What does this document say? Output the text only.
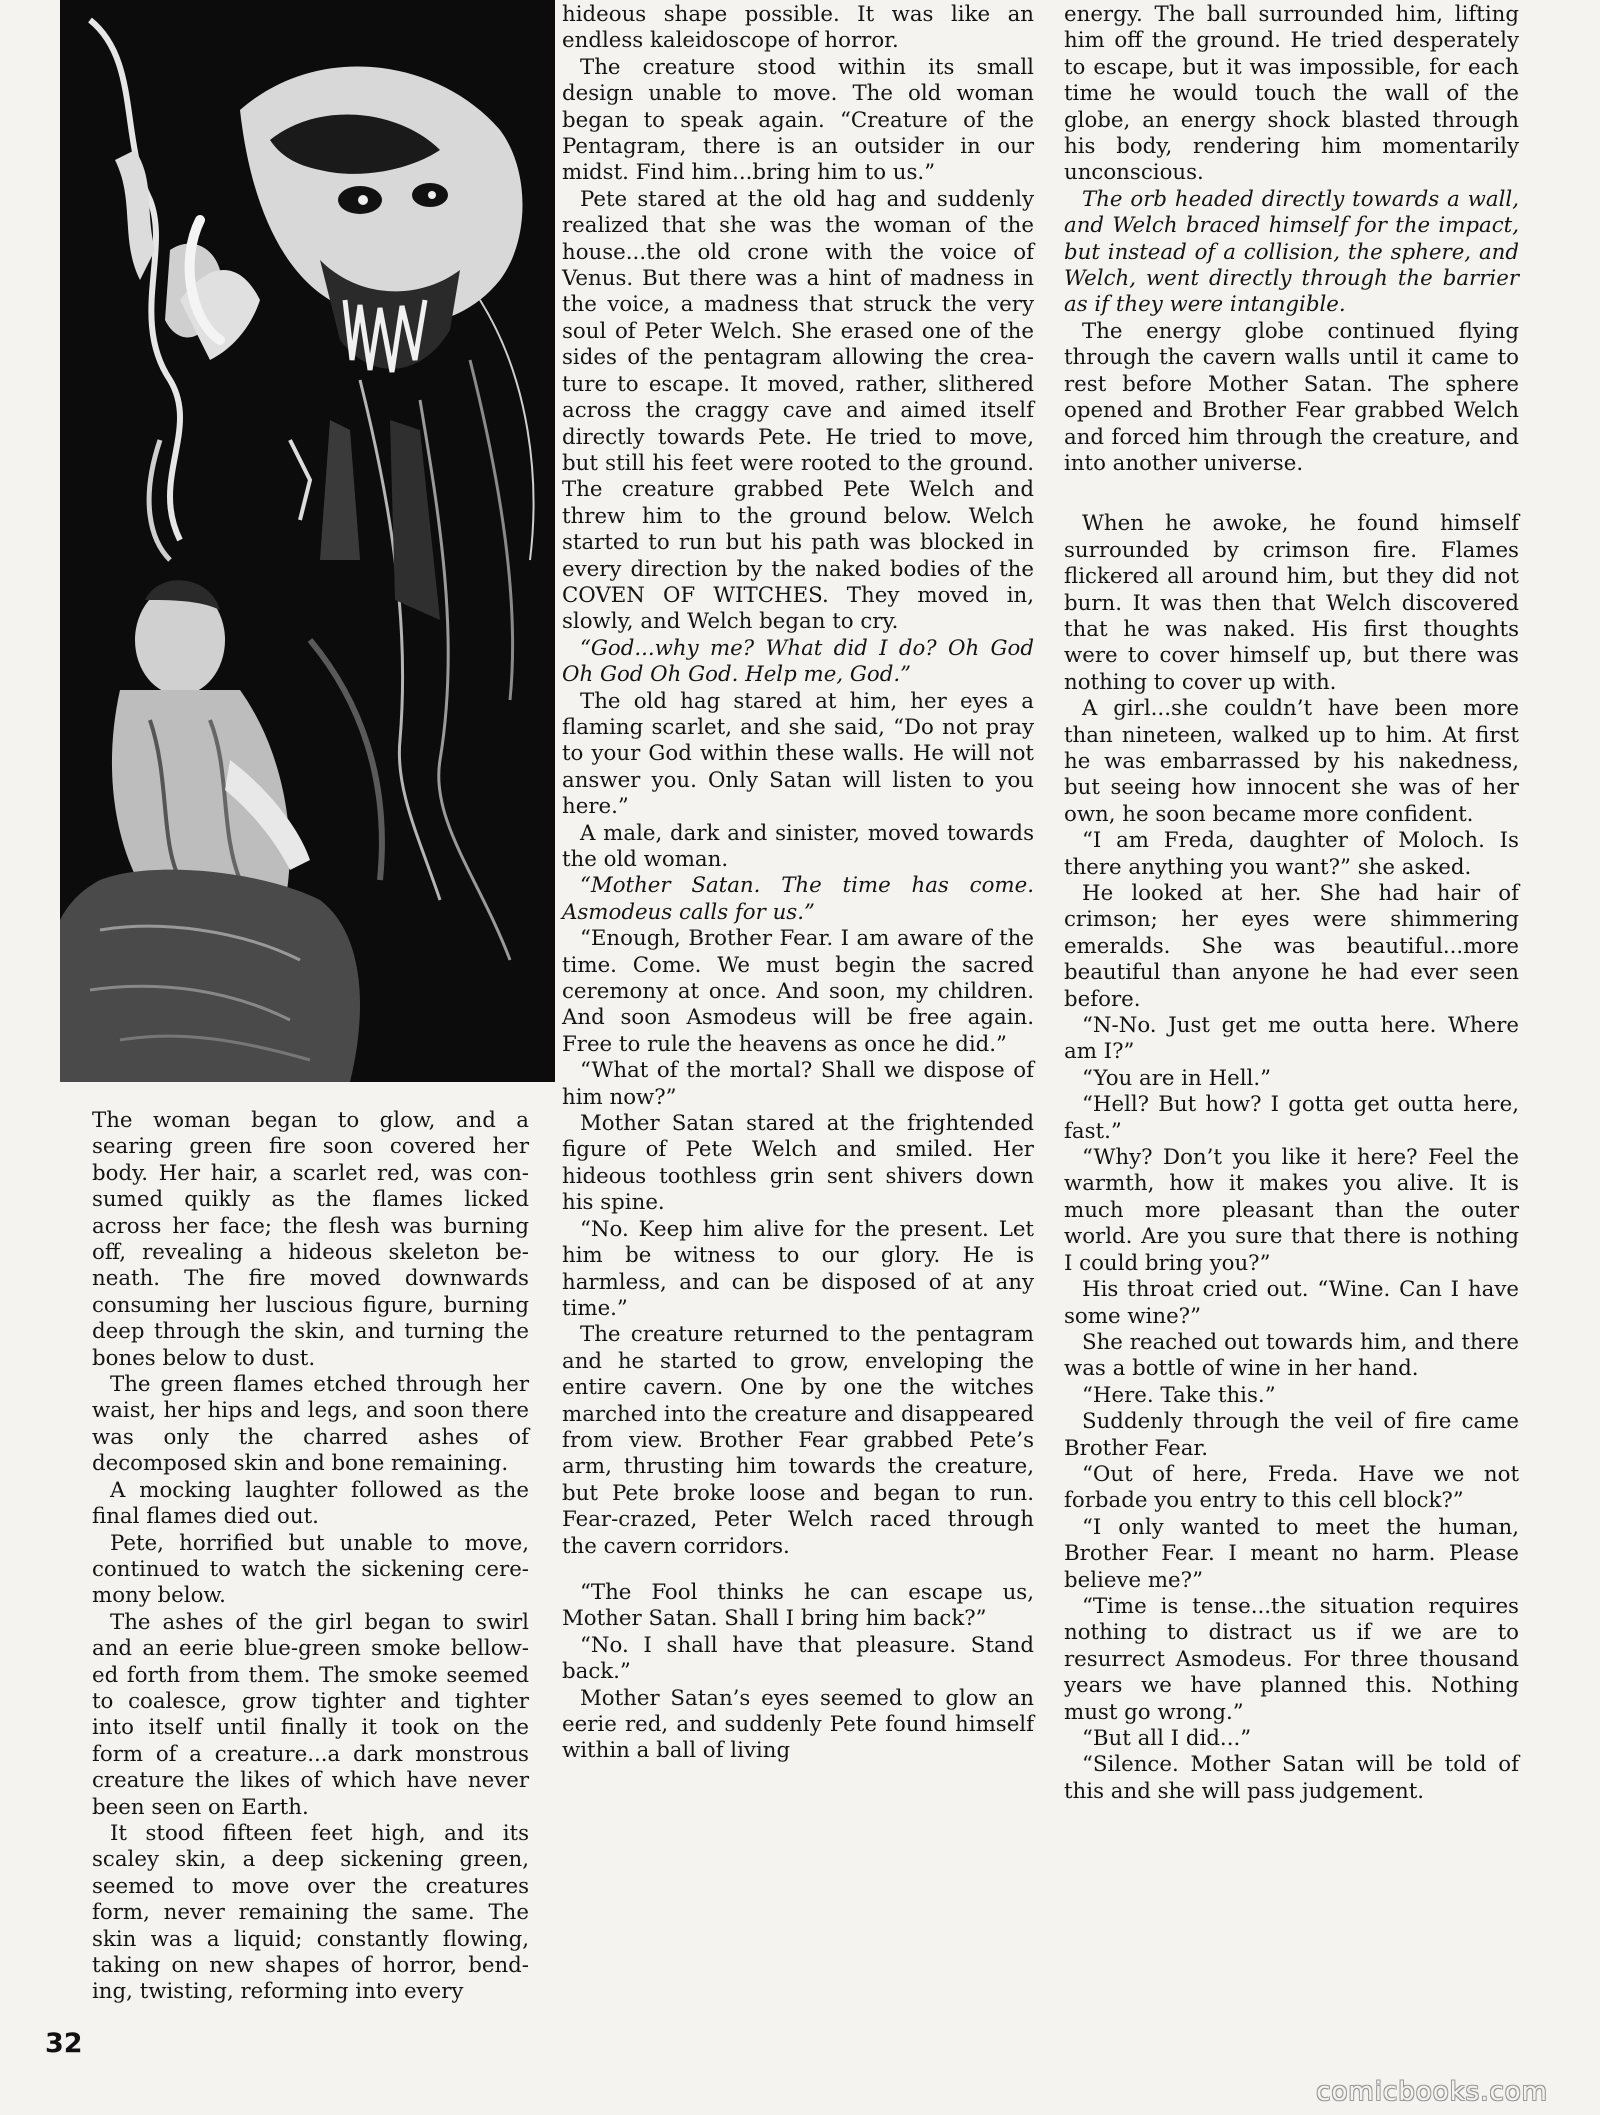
The woman began to glow, and a searing green fire soon covered her body. Her hair, a scarlet red, was consumed quikly as the flames licked across her face; the flesh was burning off, revealing a hideous skeleton beneath. The fire moved downwards consuming her luscious figure, burning deep through the skin, and turning the bones below to dust.

The green flames etched through her waist, her hips and legs, and soon there was only the charred ashes of decomposed skin and bone remaining.

A mocking laughter followed as the final flames died out.

Pete, horrified but unable to move, continued to watch the sickening ceremony below.

The ashes of the girl began to swirl and an eerie blue-green smoke bellowed forth from them. The smoke seemed to coalesce, grow tighter and tighter into itself until finally it took on the form of a creature...a dark monstrous creature the likes of which have never been seen on Earth.

It stood fifteen feet high, and its scaley skin, a deep sickening green, seemed to move over the creatures form, never remaining the same. The skin was a liquid; constantly flowing, taking on new shapes of horror, bending, twisting, reforming into every

hideous shape possible. It was like an endless kaleidoscope of horror.

The creature stood within its small design unable to move. The old woman began to speak again. “Creature of the Pentagram, there is an outsider in our midst. Find him...bring him to us.”

Pete stared at the old hag and suddenly realized that she was the woman of the house...the old crone with the voice of Venus. But there was a hint of madness in the voice, a madness that struck the very soul of Peter Welch. She erased one of the sides of the pentagram allowing the creature to escape. It moved, rather, slithered across the craggy cave and aimed itself directly towards Pete. He tried to move, but still his feet were rooted to the ground. The creature grabbed Pete Welch and threw him to the ground below. Welch started to run but his path was blocked in every direction by the naked bodies of the COVEN OF WITCHES. They moved in, slowly, and Welch began to cry.

“God...why me? What did I do? Oh God Oh God Oh God. Help me, God.”

The old hag stared at him, her eyes a flaming scarlet, and she said, “Do not pray to your God within these walls. He will not answer you. Only Satan will listen to you here.”

A male, dark and sinister, moved towards the old woman.

“Mother Satan. The time has come. Asmodeus calls for us.”

“Enough, Brother Fear. I am aware of the time. Come. We must begin the sacred ceremony at once. And soon, my children. And soon Asmodeus will be free again. Free to rule the heavens as once he did.”

“What of the mortal? Shall we dispose of him now?”

Mother Satan stared at the frightended figure of Pete Welch and smiled. Her hideous toothless grin sent shivers down his spine.

“No. Keep him alive for the present. Let him be witness to our glory. He is harmless, and can be disposed of at any time.”

The creature returned to the pentagram and he started to grow, enveloping the entire cavern. One by one the witches marched into the creature and disappeared from view. Brother Fear grabbed Pete’s arm, thrusting him towards the creature, but Pete broke loose and began to run. Fear-crazed, Peter Welch raced through the cavern corridors.

“The Fool thinks he can escape us, Mother Satan. Shall I bring him back?”

“No. I shall have that pleasure. Stand back.”

Mother Satan’s eyes seemed to glow an eerie red, and suddenly Pete found himself within a ball of living

energy. The ball surrounded him, lifting him off the ground. He tried desperately to escape, but it was impossible, for each time he would touch the wall of the globe, an energy shock blasted through his body, rendering him momentarily unconscious.

The orb headed directly towards a wall, and Welch braced himself for the impact, but instead of a collision, the sphere, and Welch, went directly through the barrier as if they were intangible.

The energy globe continued flying through the cavern walls until it came to rest before Mother Satan. The sphere opened and Brother Fear grabbed Welch and forced him through the creature, and into another universe.

When he awoke, he found himself surrounded by crimson fire. Flames flickered all around him, but they did not burn. It was then that Welch discovered that he was naked. His first thoughts were to cover himself up, but there was nothing to cover up with.

A girl...she couldn’t have been more than nineteen, walked up to him. At first he was embarrassed by his nakedness, but seeing how innocent she was of her own, he soon became more confident.

“I am Freda, daughter of Moloch. Is there anything you want?” she asked.

He looked at her. She had hair of crimson; her eyes were shimmering emeralds. She was beautiful...more beautiful than anyone he had ever seen before.

“N-No. Just get me outta here. Where am I?”

“You are in Hell.”

“Hell? But how? I gotta get outta here, fast.”

“Why? Don’t you like it here? Feel the warmth, how it makes you alive. It is much more pleasant than the outer world. Are you sure that there is nothing I could bring you?”

His throat cried out. “Wine. Can I have some wine?”

She reached out towards him, and there was a bottle of wine in her hand.

“Here. Take this.”

Suddenly through the veil of fire came Brother Fear.

“Out of here, Freda. Have we not forbade you entry to this cell block?”

“I only wanted to meet the human, Brother Fear. I meant no harm. Please believe me?”

“Time is tense...the situation requires nothing to distract us if we are to resurrect Asmodeus. For three thousand years we have planned this. Nothing must go wrong.”

“But all I did...”

“Silence. Mother Satan will be told of this and she will pass judgement.

32
comicbooks.com
